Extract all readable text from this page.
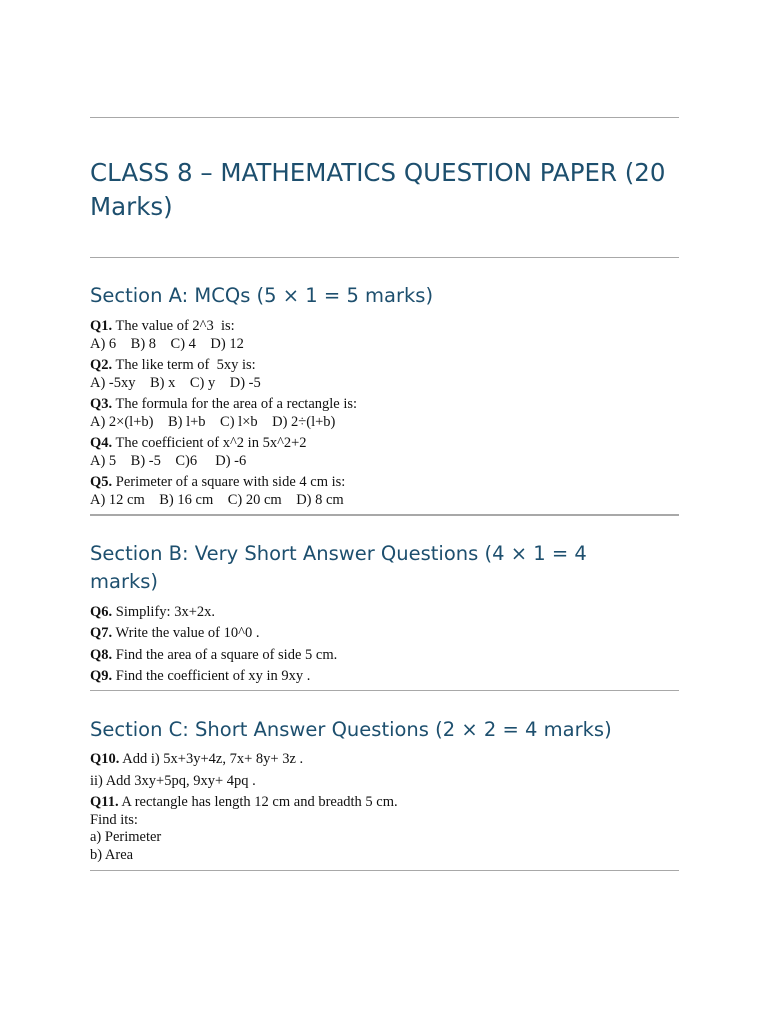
CLASS 8 – MATHEMATICS QUESTION PAPER (20 Marks)
Section A: MCQs (5 × 1 = 5 marks)

Q1. The value of 2^3  is:

A) 6    B) 8    C) 4    D) 12

Q2. The like term of  5xy is:

A) -5xy    B) x    C) y    D) -5

Q3. The formula for the area of a rectangle is:

A) 2×(l+b)    B) l+b    C) l×b    D) 2÷(l+b)

Q4. The coefficient of x^2 in 5x^2+2

A) 5    B) -5    C)6     D) -6

Q5. Perimeter of a square with side 4 cm is:

A) 12 cm    B) 16 cm    C) 20 cm    D) 8 cm

Section B: Very Short Answer Questions (4 × 1 = 4
marks)

Q6. Simplify: 3x+2x.

Q7. Write the value of 10^0 .

Q8. Find the area of a square of side 5 cm.

Q9. Find the coefficient of xy in 9xy .

Section C: Short Answer Questions (2 × 2 = 4 marks)

Q10. Add i) 5x+3y+4z, 7x+ 8y+ 3z .

ii) Add 3xy+5pq, 9xy+ 4pq .

Q11. A rectangle has length 12 cm and breadth 5 cm.

Find its:

a) Perimeter

b) Area
